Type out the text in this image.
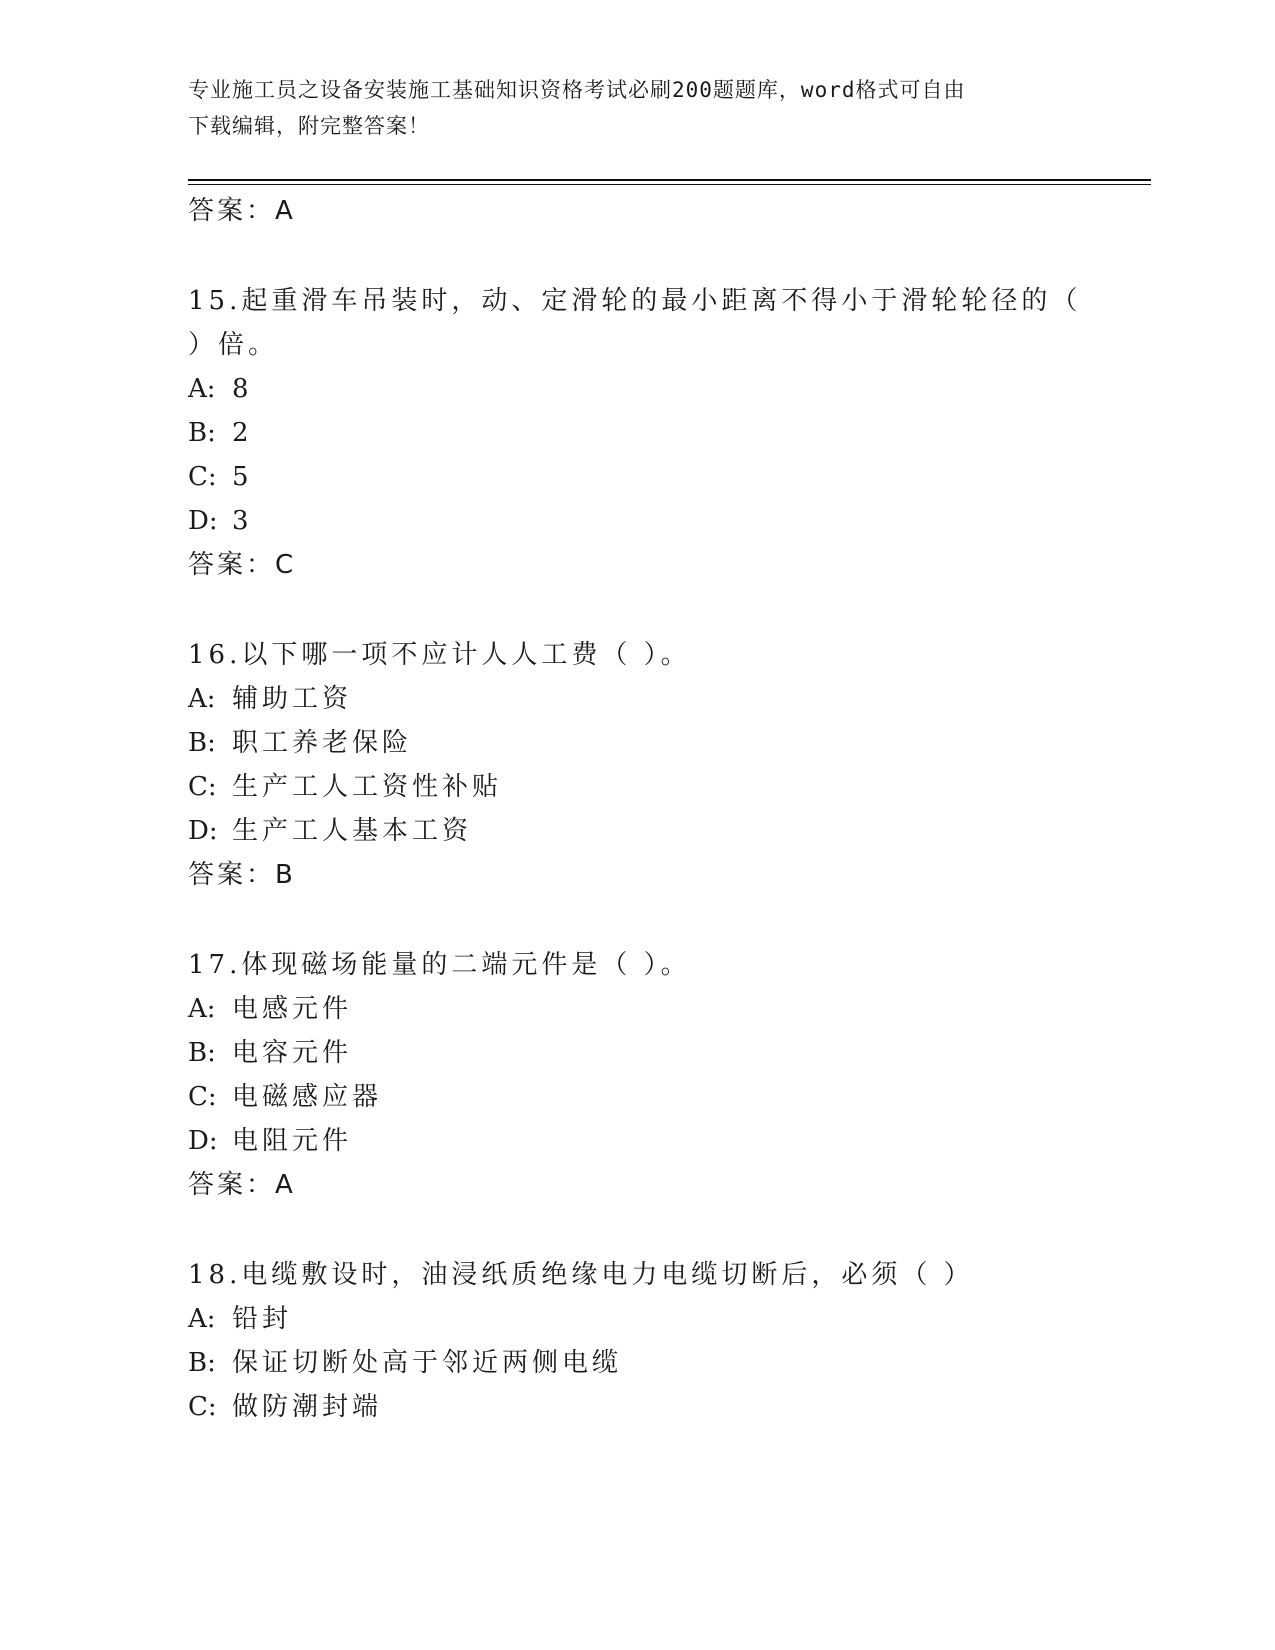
专业施工员之设备安装施工基础知识资格考试必刷200题题库，word格式可自由
下载编辑，附完整答案！
答案：A
15.起重滑车吊装时，动、定滑轮的最小距离不得小于滑轮轮径的（
）倍。
A: 8
B: 2
C: 5
D: 3
答案：C
16.以下哪一项不应计人人工费（ ）。
A: 辅助工资
B: 职工养老保险
C: 生产工人工资性补贴
D: 生产工人基本工资
答案：B
17.体现磁场能量的二端元件是（ ）。
A: 电感元件
B: 电容元件
C: 电磁感应器
D: 电阻元件
答案：A
18.电缆敷设时，油浸纸质绝缘电力电缆切断后，必须（ ）
A: 铅封
B: 保证切断处高于邻近两侧电缆
C: 做防潮封端
